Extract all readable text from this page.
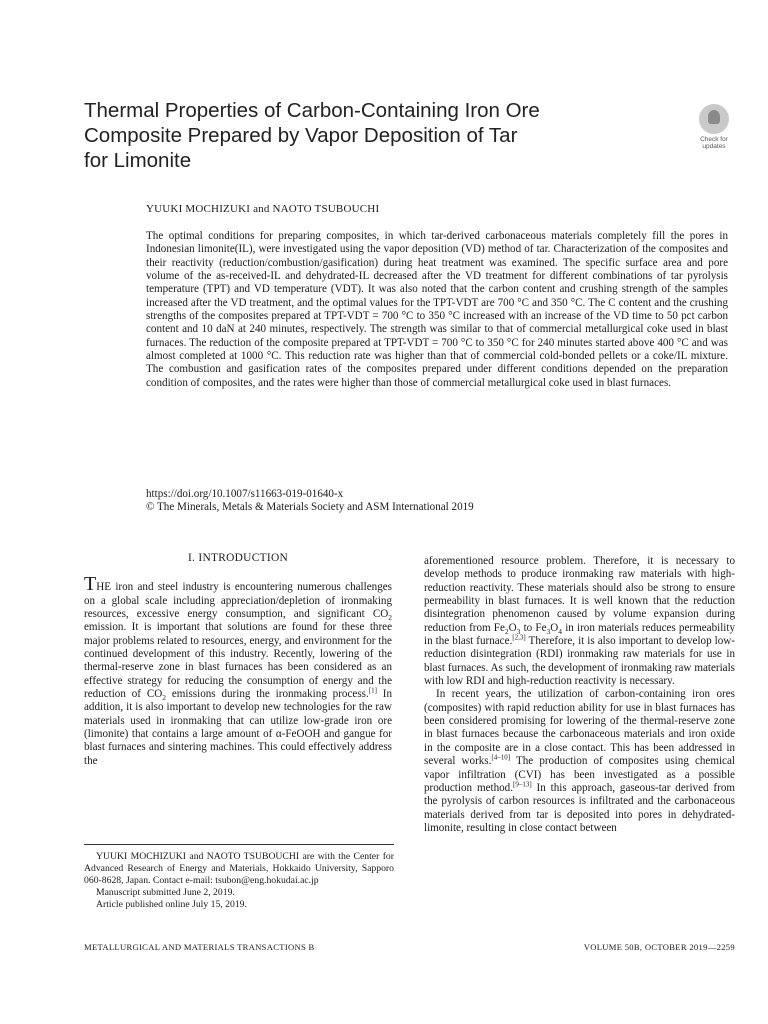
Thermal Properties of Carbon-Containing Iron Ore
Composite Prepared by Vapor Deposition of Tar
for Limonite
Check for
updates
YUUKI MOCHIZUKI and NAOTO TSUBOUCHI
The optimal conditions for preparing composites, in which tar-derived carbonaceous materials completely fill the pores in Indonesian limonite(IL), were investigated using the vapor deposition (VD) method of tar. Characterization of the composites and their reactivity (reduction/combustion/gasification) during heat treatment was examined. The specific surface area and pore volume of the as-received-IL and dehydrated-IL decreased after the VD treatment for different combinations of tar pyrolysis temperature (TPT) and VD temperature (VDT). It was also noted that the carbon content and crushing strength of the samples increased after the VD treatment, and the optimal values for the TPT-VDT are 700 °C and 350 °C. The C content and the crushing strengths of the composites prepared at TPT-VDT = 700 °C to 350 °C increased with an increase of the VD time to 50 pct carbon content and 10 daN at 240 minutes, respectively. The strength was similar to that of commercial metallurgical coke used in blast furnaces. The reduction of the composite prepared at TPT-VDT = 700 °C to 350 °C for 240 minutes started above 400 °C and was almost completed at 1000 °C. This reduction rate was higher than that of commercial cold-bonded pellets or a coke/IL mixture. The combustion and gasification rates of the composites prepared under different conditions depended on the preparation condition of composites, and the rates were higher than those of commercial metallurgical coke used in blast furnaces.
https://doi.org/10.1007/s11663-019-01640-x
© The Minerals, Metals & Materials Society and ASM International 2019
I. INTRODUCTION

THE iron and steel industry is encountering numerous challenges on a global scale including appreciation/depletion of ironmaking resources, excessive energy consumption, and significant $CO_2$ emission. It is important that solutions are found for these three major problems related to resources, energy, and environment for the continued development of this industry. Recently, lowering of the thermal-reserve zone in blast furnaces has been considered as an effective strategy for reducing the consumption of energy and the reduction of $CO_2$ emissions during the ironmaking process.[1] In addition, it is also important to develop new technologies for the raw materials used in ironmaking that can utilize low-grade iron ore (limonite) that contains a large amount of α-FeOOH and gangue for blast furnaces and sintering machines. This could effectively address the

aforementioned resource problem. Therefore, it is necessary to develop methods to produce ironmaking raw materials with high-reduction reactivity. These materials should also be strong to ensure permeability in blast furnaces. It is well known that the reduction disintegration phenomenon caused by volume expansion during reduction from $Fe_2O_3$ to $Fe_3O_4$ in iron materials reduces permeability in the blast furnace.[2,3] Therefore, it is also important to develop low-reduction disintegration (RDI) ironmaking raw materials for use in blast furnaces. As such, the development of ironmaking raw materials with low RDI and high-reduction reactivity is necessary.

In recent years, the utilization of carbon-containing iron ores (composites) with rapid reduction ability for use in blast furnaces has been considered promising for lowering of the thermal-reserve zone in blast furnaces because the carbonaceous materials and iron oxide in the composite are in a close contact. This has been addressed in several works.[4–10] The production of composites using chemical vapor infiltration (CVI) has been investigated as a possible production method.[9–13] In this approach, gaseous-tar derived from the pyrolysis of carbon resources is infiltrated and the carbonaceous materials derived from tar is deposited into pores in dehydrated-limonite, resulting in close contact between

YUUKI MOCHIZUKI and NAOTO TSUBOUCHI are with the Center for Advanced Research of Energy and Materials, Hokkaido University, Sapporo 060-8628, Japan. Contact e-mail: tsubon@eng.hokudai.ac.jp

Manuscript submitted June 2, 2019.

Article published online July 15, 2019.

METALLURGICAL AND MATERIALS TRANSACTIONS B	VOLUME 50B, OCTOBER 2019—2259
